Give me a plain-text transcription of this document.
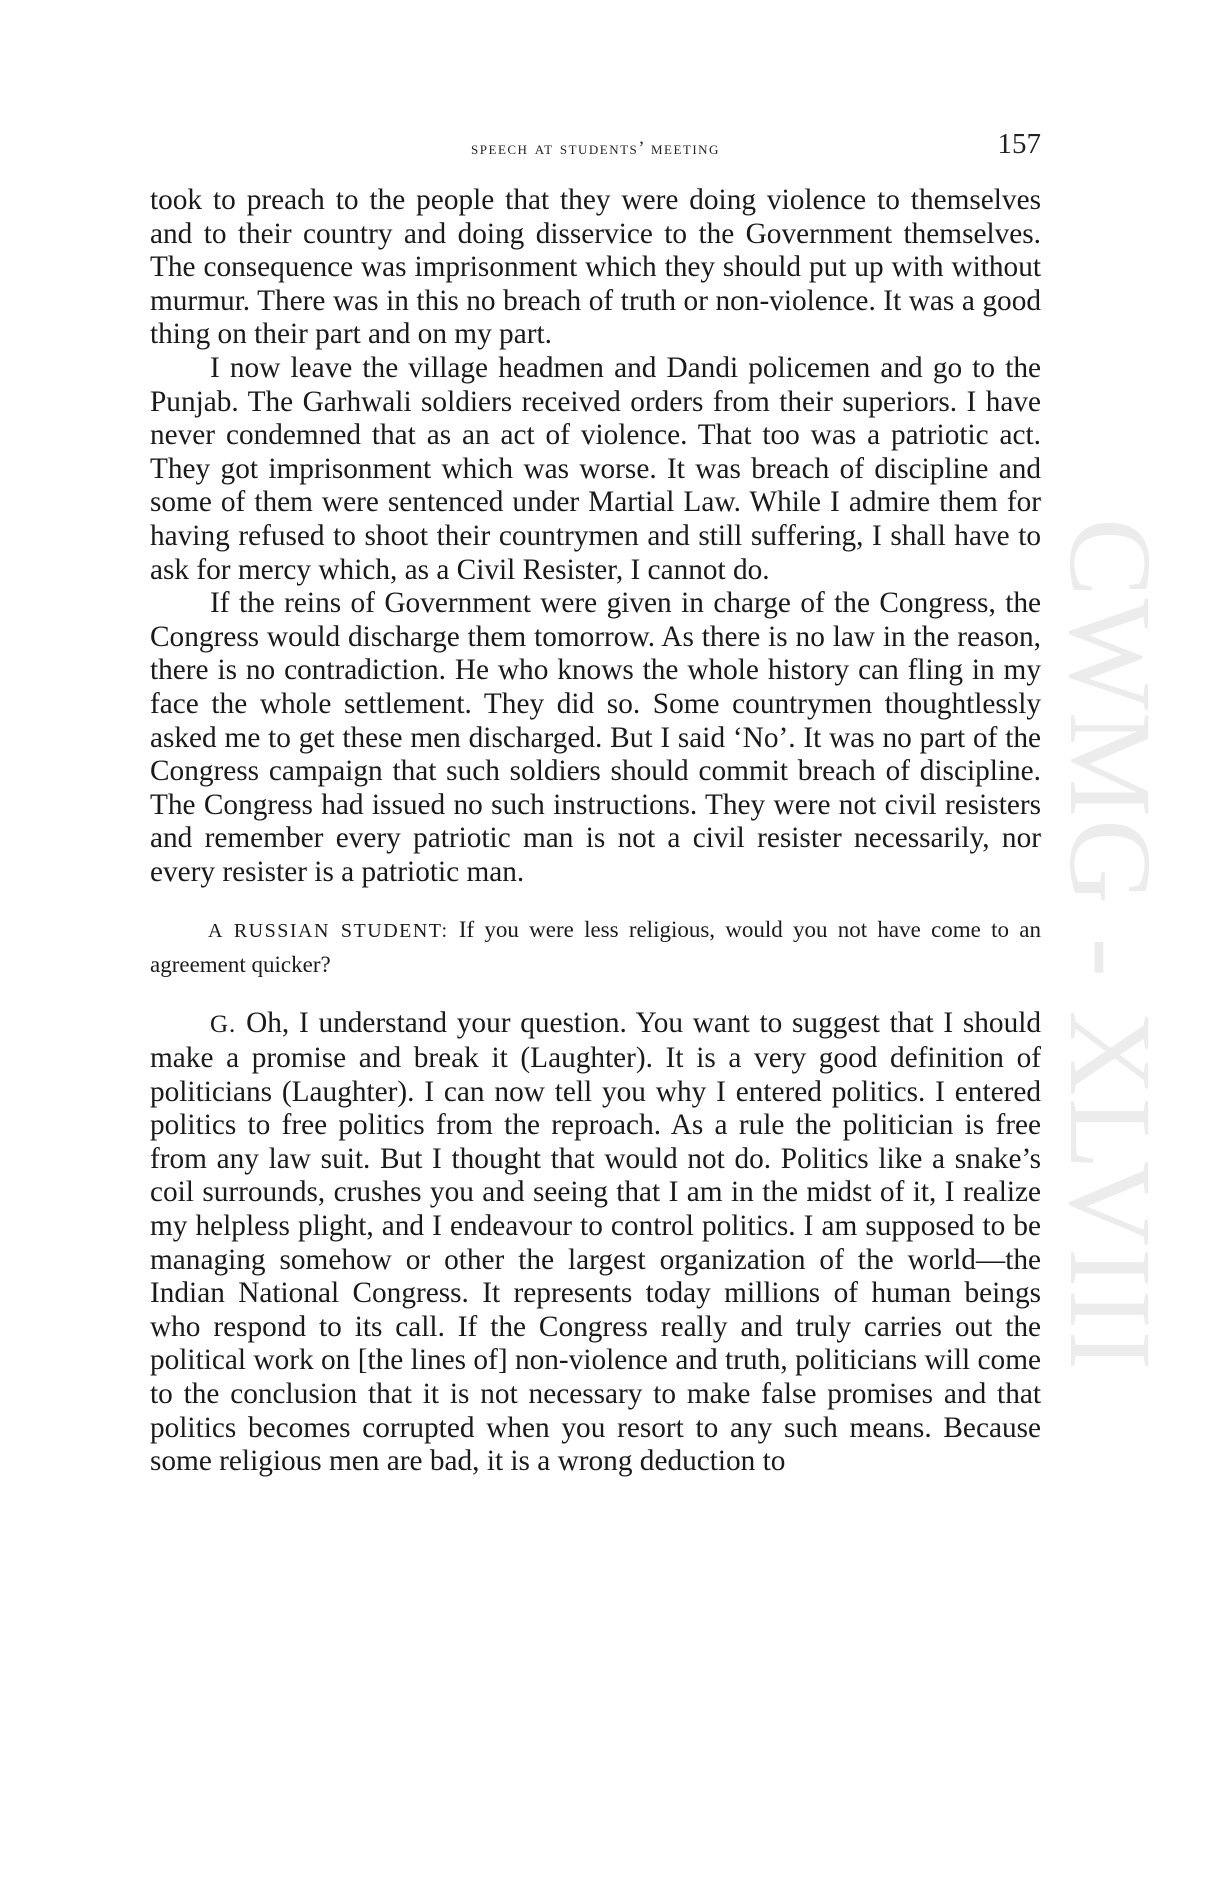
CWMG - XLVIII
speech at students’ meeting	157

took to preach to the people that they were doing violence to themselves and to their country and doing disservice to the Government themselves. The consequence was imprisonment which they should put up with without murmur. There was in this no breach of truth or non-violence. It was a good thing on their part and on my part.

I now leave the village headmen and Dandi policemen and go to the Punjab. The Garhwali soldiers received orders from their superiors. I have never condemned that as an act of violence. That too was a patriotic act. They got imprisonment which was worse. It was breach of discipline and some of them were sentenced under Martial Law. While I admire them for having refused to shoot their countrymen and still suffering, I shall have to ask for mercy which, as a Civil Resister, I cannot do.

If the reins of Government were given in charge of the Congress, the Congress would discharge them tomorrow. As there is no law in the reason, there is no contradiction. He who knows the whole history can fling in my face the whole settlement. They did so. Some countrymen thoughtlessly asked me to get these men discharged. But I said ‘No’. It was no part of the Congress campaign that such soldiers should commit breach of discipline. The Congress had issued no such instructions. They were not civil resisters and remember every patriotic man is not a civil resister necessarily, nor every resister is a patriotic man.

A RUSSIAN STUDENT: If you were less religious, would you not have come to an agreement quicker?

G. Oh, I understand your question. You want to suggest that I should make a promise and break it (Laughter). It is a very good definition of politicians (Laughter). I can now tell you why I entered politics. I entered politics to free politics from the reproach. As a rule the politician is free from any law suit. But I thought that would not do. Politics like a snake’s coil surrounds, crushes you and seeing that I am in the midst of it, I realize my helpless plight, and I endeavour to control politics. I am supposed to be managing somehow or other the largest organization of the world—the Indian National Congress. It represents today millions of human beings who respond to its call. If the Congress really and truly carries out the political work on [the lines of] non-violence and truth, politicians will come to the conclusion that it is not necessary to make false promises and that politics becomes corrupted when you resort to any such means. Because some religious men are bad, it is a wrong deduction to
